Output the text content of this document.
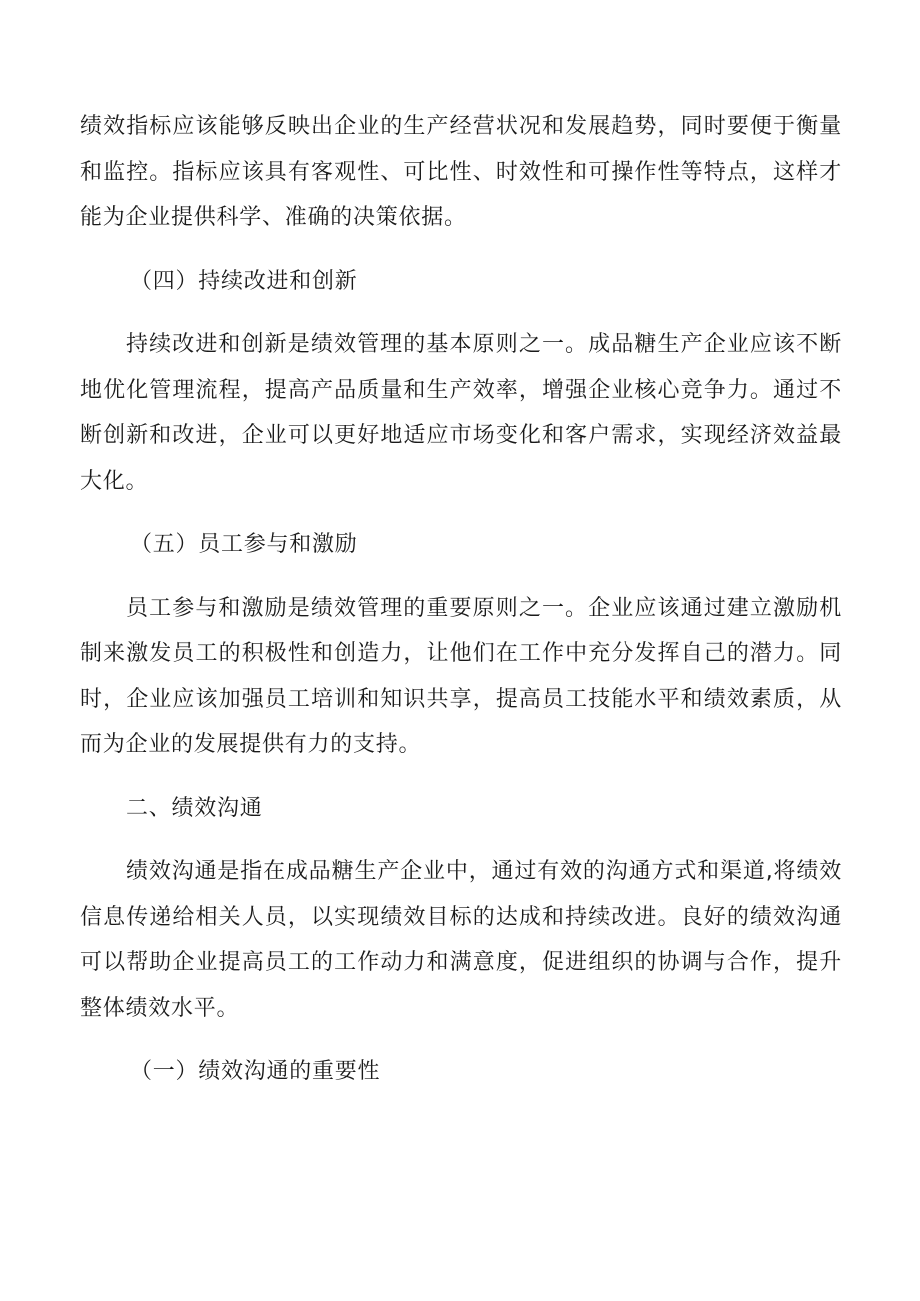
绩效指标应该能够反映出企业的生产经营状况和发展趋势，同时要便于衡量和监控。指标应该具有客观性、可比性、时效性和可操作性等特点，这样才能为企业提供科学、准确的决策依据。

（四）持续改进和创新

持续改进和创新是绩效管理的基本原则之一。成品糖生产企业应该不断地优化管理流程，提高产品质量和生产效率，增强企业核心竞争力。通过不断创新和改进，企业可以更好地适应市场变化和客户需求，实现经济效益最大化。

（五）员工参与和激励

员工参与和激励是绩效管理的重要原则之一。企业应该通过建立激励机制来激发员工的积极性和创造力，让他们在工作中充分发挥自己的潜力。同时，企业应该加强员工培训和知识共享，提高员工技能水平和绩效素质，从而为企业的发展提供有力的支持。

二、绩效沟通

绩效沟通是指在成品糖生产企业中，通过有效的沟通方式和渠道,将绩效信息传递给相关人员，以实现绩效目标的达成和持续改进。良好的绩效沟通可以帮助企业提高员工的工作动力和满意度，促进组织的协调与合作，提升整体绩效水平。

（一）绩效沟通的重要性
